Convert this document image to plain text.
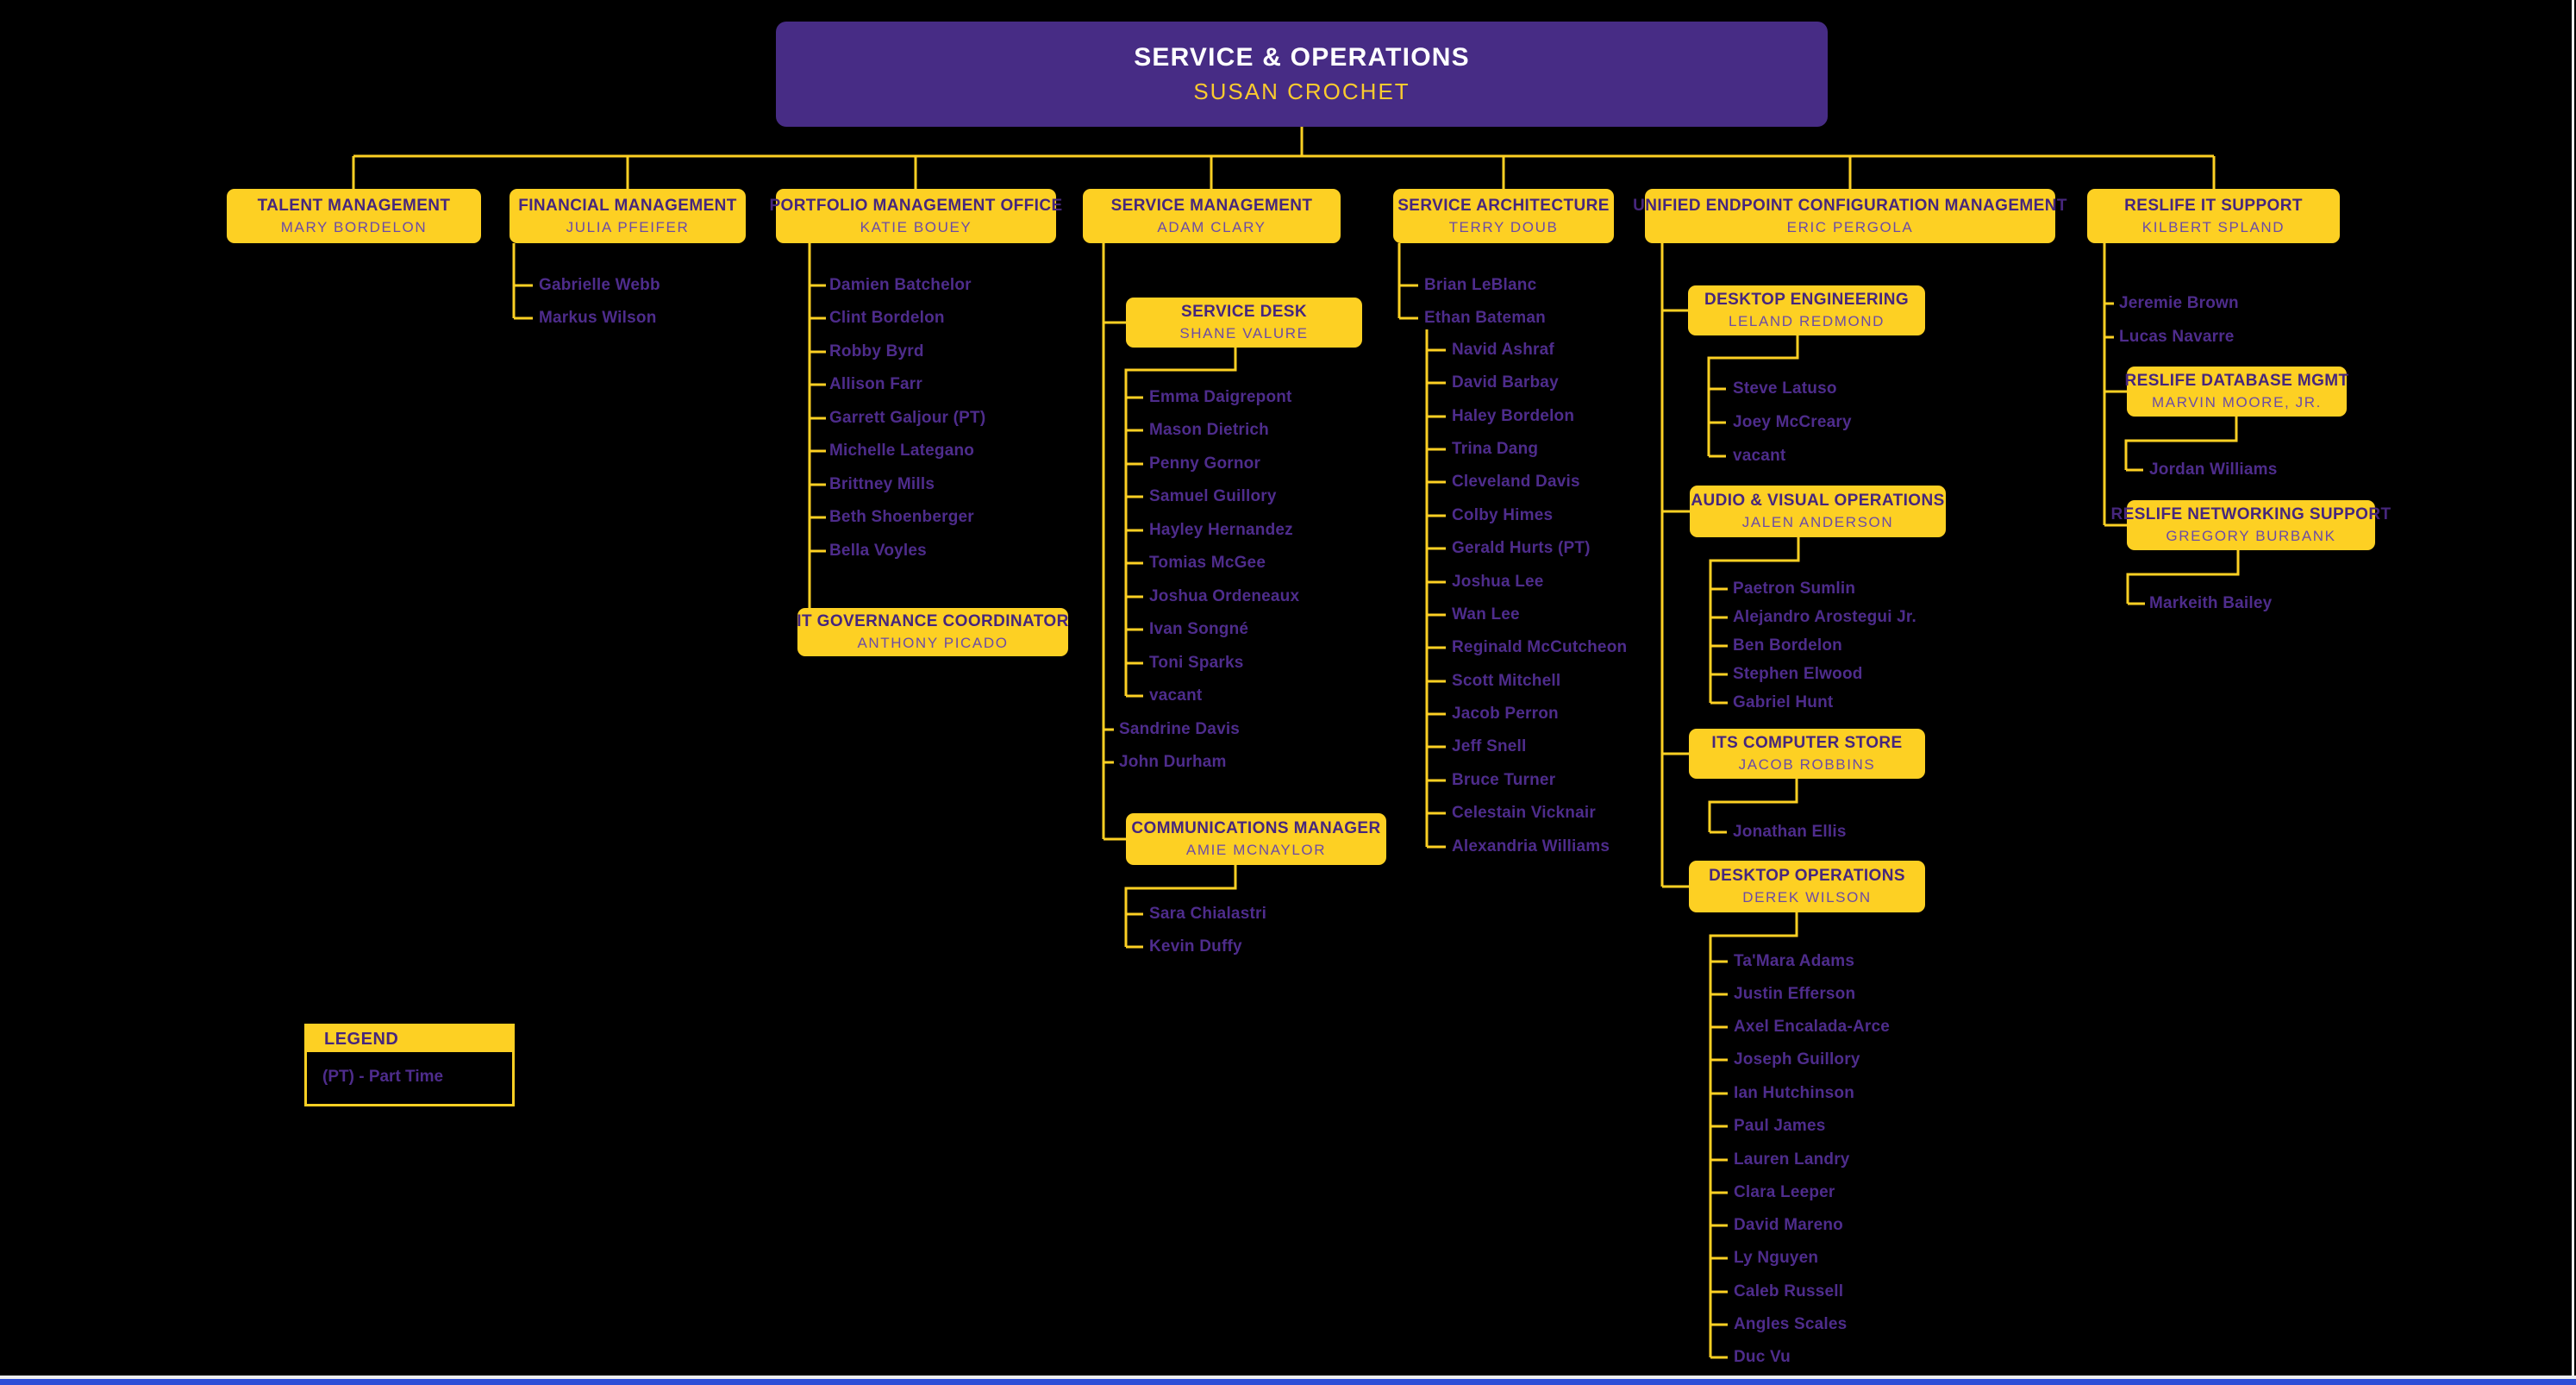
SERVICE & OPERATIONS
SUSAN CROCHET
TALENT MANAGEMENT
MARY BORDELON
FINANCIAL MANAGEMENT
JULIA PFEIFER
PORTFOLIO MANAGEMENT OFFICE
KATIE BOUEY
SERVICE MANAGEMENT
ADAM CLARY
SERVICE ARCHITECTURE
TERRY DOUB
UNIFIED ENDPOINT CONFIGURATION MANAGEMENT
ERIC PERGOLA
RESLIFE IT SUPPORT
KILBERT SPLAND
IT GOVERNANCE COORDINATOR
ANTHONY PICADO
SERVICE DESK
SHANE VALURE
COMMUNICATIONS MANAGER
AMIE MCNAYLOR
DESKTOP ENGINEERING
LELAND REDMOND
AUDIO & VISUAL OPERATIONS
JALEN ANDERSON
ITS COMPUTER STORE
JACOB ROBBINS
DESKTOP OPERATIONS
DEREK WILSON
RESLIFE DATABASE MGMT
MARVIN MOORE, JR.
RESLIFE NETWORKING SUPPORT
GREGORY BURBANK
Gabrielle Webb
Markus Wilson
Damien Batchelor
Clint Bordelon
Robby Byrd
Allison Farr
Garrett Galjour (PT)
Michelle Lategano
Brittney Mills
Beth Shoenberger
Bella Voyles
Emma Daigrepont
Mason Dietrich
Penny Gornor
Samuel Guillory
Hayley Hernandez
Tomias McGee
Joshua Ordeneaux
Ivan Songné
Toni Sparks
vacant
Sandrine Davis
John Durham
Sara Chialastri
Kevin Duffy
Brian LeBlanc
Ethan Bateman
Navid Ashraf
David Barbay
Haley Bordelon
Trina Dang
Cleveland Davis
Colby Himes
Gerald Hurts (PT)
Joshua Lee
Wan Lee
Reginald McCutcheon
Scott Mitchell
Jacob Perron
Jeff Snell
Bruce Turner
Celestain Vicknair
Alexandria Williams
Steve Latuso
Joey McCreary
vacant
Paetron Sumlin
Alejandro Arostegui Jr.
Ben Bordelon
Stephen Elwood
Gabriel Hunt
Jonathan Ellis
Ta'Mara Adams
Justin Efferson
Axel Encalada-Arce
Joseph Guillory
Ian Hutchinson
Paul James
Lauren Landry
Clara Leeper
David Mareno
Ly Nguyen
Caleb Russell
Angles Scales
Duc Vu
Jeremie Brown
Lucas Navarre
Jordan Williams
Markeith Bailey
LEGEND
(PT) - Part Time
